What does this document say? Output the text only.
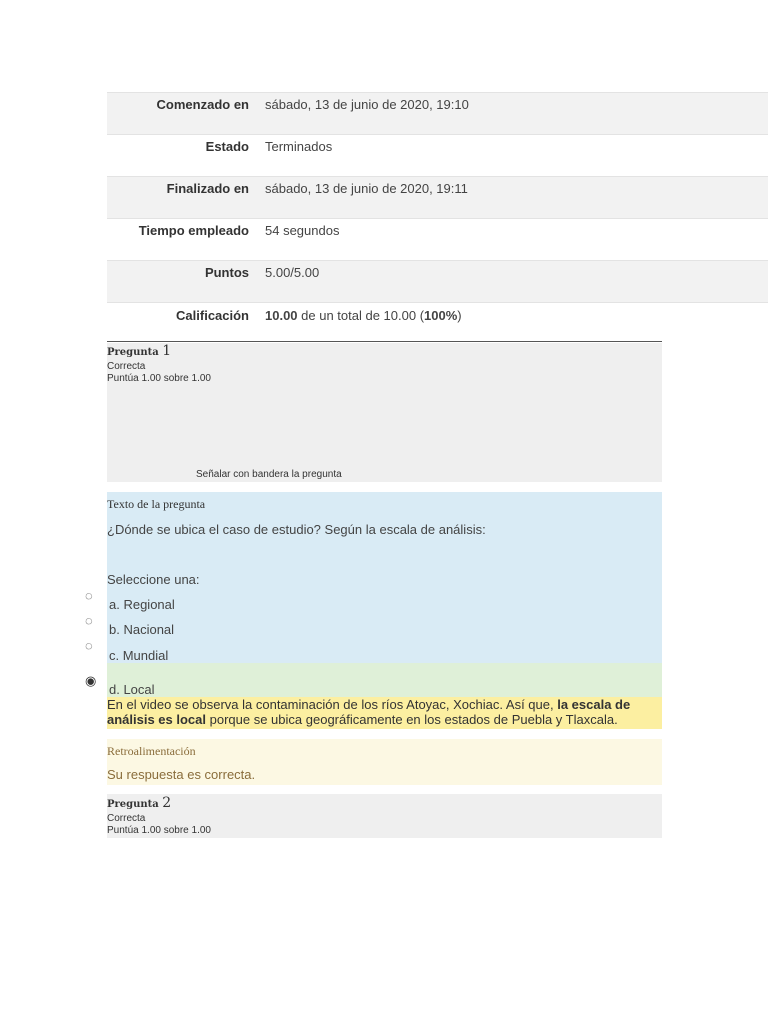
Comenzado en	sábado, 13 de junio de 2020, 19:10
Estado	Terminados
Finalizado en	sábado, 13 de junio de 2020, 19:11
Tiempo empleado	54 segundos
Puntos	5.00/5.00
Calificación	10.00 de un total de 10.00 (100%)
Pregunta 1
Correcta
Puntúa 1.00 sobre 1.00
Señalar con bandera la pregunta
Texto de la pregunta
¿Dónde se ubica el caso de estudio? Según la escala de análisis:
Seleccione una:
◌
a. Regional
◌
b. Nacional
◌
c. Mundial
◉
d. Local
En el video se observa la contaminación de los ríos Atoyac, Xochiac. Así que, la escala de análisis es local porque se ubica geográficamente en los estados de Puebla y Tlaxcala.
Retroalimentación
Su respuesta es correcta.
Pregunta 2
Correcta
Puntúa 1.00 sobre 1.00
